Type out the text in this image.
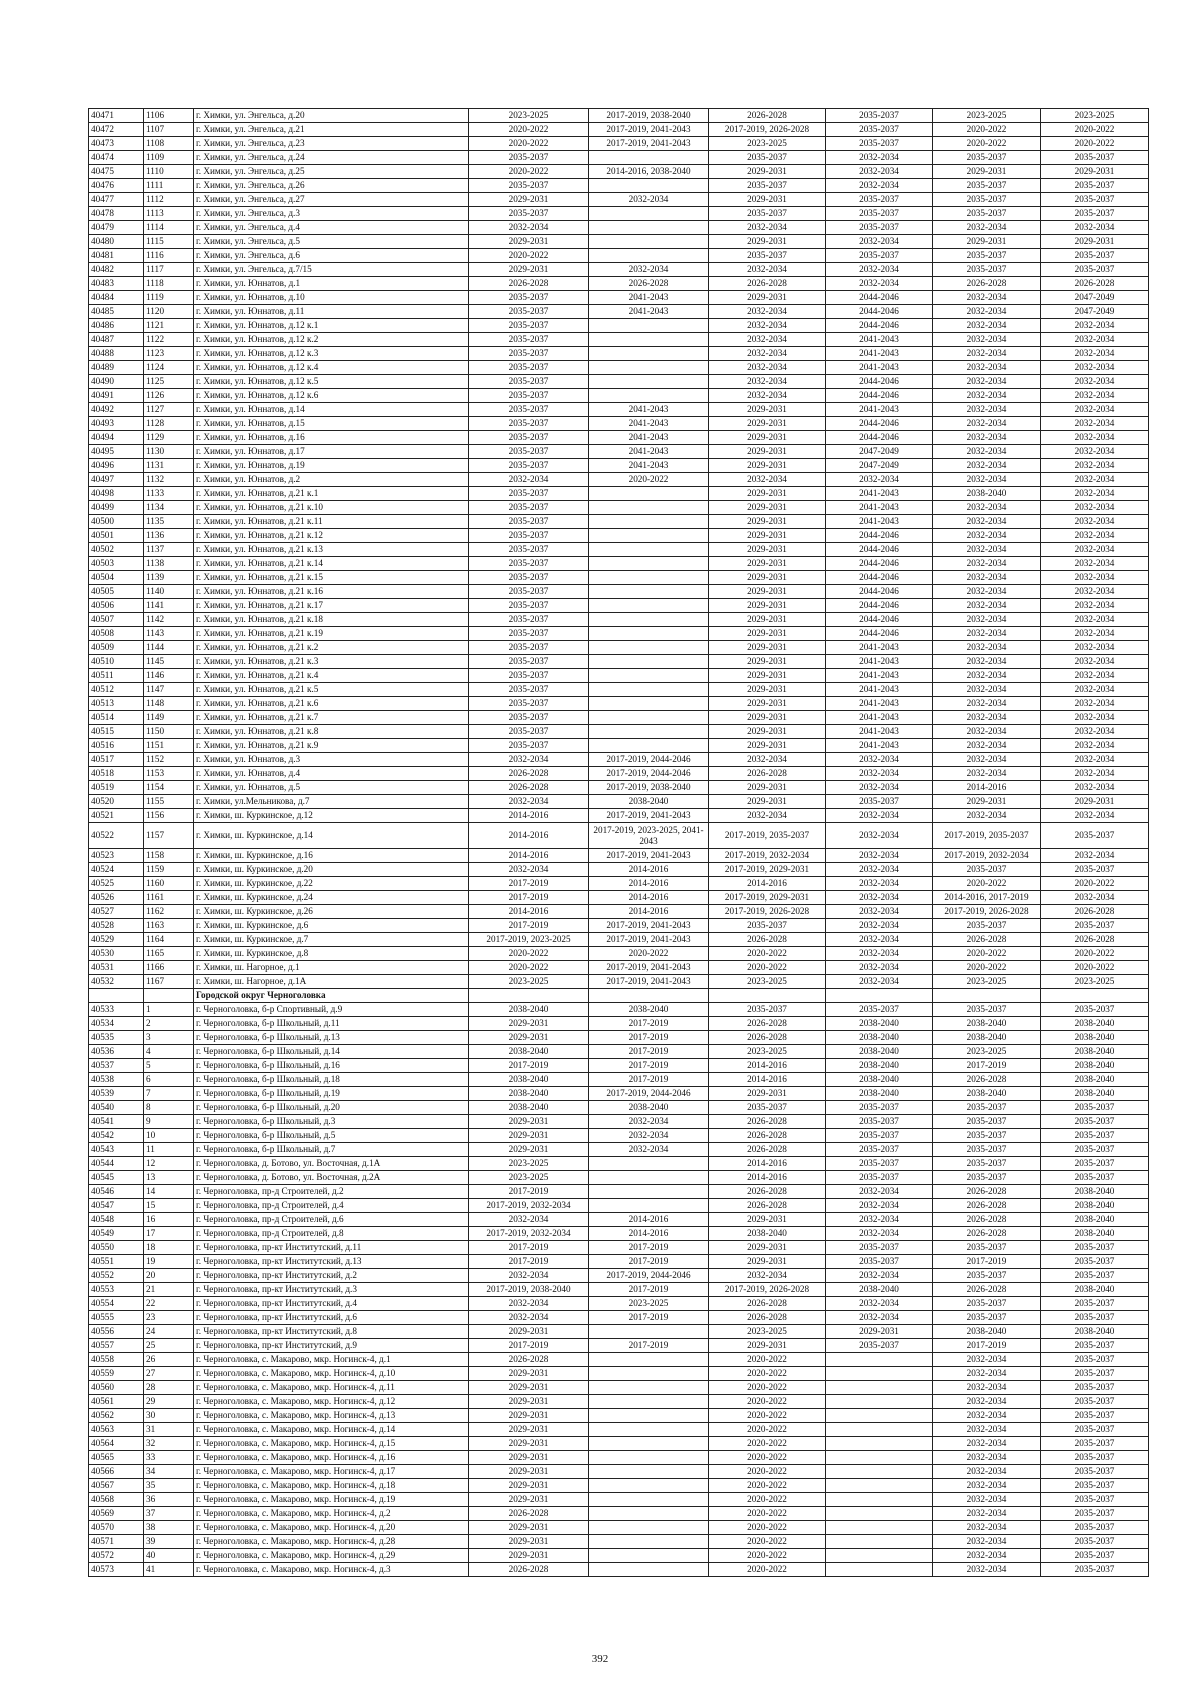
40471	1106	г. Химки, ул. Энгельса, д.20	2023-2025	2017-2019, 2038-2040	2026-2028	2035-2037	2023-2025	2023-2025
40472	1107	г. Химки, ул. Энгельса, д.21	2020-2022	2017-2019, 2041-2043	2017-2019, 2026-2028	2035-2037	2020-2022	2020-2022
40473	1108	г. Химки, ул. Энгельса, д.23	2020-2022	2017-2019, 2041-2043	2023-2025	2035-2037	2020-2022	2020-2022
40474	1109	г. Химки, ул. Энгельса, д.24	2035-2037		2035-2037	2032-2034	2035-2037	2035-2037
40475	1110	г. Химки, ул. Энгельса, д.25	2020-2022	2014-2016, 2038-2040	2029-2031	2032-2034	2029-2031	2029-2031
40476	1111	г. Химки, ул. Энгельса, д.26	2035-2037		2035-2037	2032-2034	2035-2037	2035-2037
40477	1112	г. Химки, ул. Энгельса, д.27	2029-2031	2032-2034	2029-2031	2035-2037	2035-2037	2035-2037
40478	1113	г. Химки, ул. Энгельса, д.3	2035-2037		2035-2037	2035-2037	2035-2037	2035-2037
40479	1114	г. Химки, ул. Энгельса, д.4	2032-2034		2032-2034	2035-2037	2032-2034	2032-2034
40480	1115	г. Химки, ул. Энгельса, д.5	2029-2031		2029-2031	2032-2034	2029-2031	2029-2031
40481	1116	г. Химки, ул. Энгельса, д.6	2020-2022		2035-2037	2035-2037	2035-2037	2035-2037
40482	1117	г. Химки, ул. Энгельса, д.7/15	2029-2031	2032-2034	2032-2034	2032-2034	2035-2037	2035-2037
40483	1118	г. Химки, ул. Юннатов, д.1	2026-2028	2026-2028	2026-2028	2032-2034	2026-2028	2026-2028
40484	1119	г. Химки, ул. Юннатов, д.10	2035-2037	2041-2043	2029-2031	2044-2046	2032-2034	2047-2049
40485	1120	г. Химки, ул. Юннатов, д.11	2035-2037	2041-2043	2032-2034	2044-2046	2032-2034	2047-2049
40486	1121	г. Химки, ул. Юннатов, д.12 к.1	2035-2037		2032-2034	2044-2046	2032-2034	2032-2034
40487	1122	г. Химки, ул. Юннатов, д.12 к.2	2035-2037		2032-2034	2041-2043	2032-2034	2032-2034
40488	1123	г. Химки, ул. Юннатов, д.12 к.3	2035-2037		2032-2034	2041-2043	2032-2034	2032-2034
40489	1124	г. Химки, ул. Юннатов, д.12 к.4	2035-2037		2032-2034	2041-2043	2032-2034	2032-2034
40490	1125	г. Химки, ул. Юннатов, д.12 к.5	2035-2037		2032-2034	2044-2046	2032-2034	2032-2034
40491	1126	г. Химки, ул. Юннатов, д.12 к.6	2035-2037		2032-2034	2044-2046	2032-2034	2032-2034
40492	1127	г. Химки, ул. Юннатов, д.14	2035-2037	2041-2043	2029-2031	2041-2043	2032-2034	2032-2034
40493	1128	г. Химки, ул. Юннатов, д.15	2035-2037	2041-2043	2029-2031	2044-2046	2032-2034	2032-2034
40494	1129	г. Химки, ул. Юннатов, д.16	2035-2037	2041-2043	2029-2031	2044-2046	2032-2034	2032-2034
40495	1130	г. Химки, ул. Юннатов, д.17	2035-2037	2041-2043	2029-2031	2047-2049	2032-2034	2032-2034
40496	1131	г. Химки, ул. Юннатов, д.19	2035-2037	2041-2043	2029-2031	2047-2049	2032-2034	2032-2034
40497	1132	г. Химки, ул. Юннатов, д.2	2032-2034	2020-2022	2032-2034	2032-2034	2032-2034	2032-2034
40498	1133	г. Химки, ул. Юннатов, д.21 к.1	2035-2037		2029-2031	2041-2043	2038-2040	2032-2034
40499	1134	г. Химки, ул. Юннатов, д.21 к.10	2035-2037		2029-2031	2041-2043	2032-2034	2032-2034
40500	1135	г. Химки, ул. Юннатов, д.21 к.11	2035-2037		2029-2031	2041-2043	2032-2034	2032-2034
40501	1136	г. Химки, ул. Юннатов, д.21 к.12	2035-2037		2029-2031	2044-2046	2032-2034	2032-2034
40502	1137	г. Химки, ул. Юннатов, д.21 к.13	2035-2037		2029-2031	2044-2046	2032-2034	2032-2034
40503	1138	г. Химки, ул. Юннатов, д.21 к.14	2035-2037		2029-2031	2044-2046	2032-2034	2032-2034
40504	1139	г. Химки, ул. Юннатов, д.21 к.15	2035-2037		2029-2031	2044-2046	2032-2034	2032-2034
40505	1140	г. Химки, ул. Юннатов, д.21 к.16	2035-2037		2029-2031	2044-2046	2032-2034	2032-2034
40506	1141	г. Химки, ул. Юннатов, д.21 к.17	2035-2037		2029-2031	2044-2046	2032-2034	2032-2034
40507	1142	г. Химки, ул. Юннатов, д.21 к.18	2035-2037		2029-2031	2044-2046	2032-2034	2032-2034
40508	1143	г. Химки, ул. Юннатов, д.21 к.19	2035-2037		2029-2031	2044-2046	2032-2034	2032-2034
40509	1144	г. Химки, ул. Юннатов, д.21 к.2	2035-2037		2029-2031	2041-2043	2032-2034	2032-2034
40510	1145	г. Химки, ул. Юннатов, д.21 к.3	2035-2037		2029-2031	2041-2043	2032-2034	2032-2034
40511	1146	г. Химки, ул. Юннатов, д.21 к.4	2035-2037		2029-2031	2041-2043	2032-2034	2032-2034
40512	1147	г. Химки, ул. Юннатов, д.21 к.5	2035-2037		2029-2031	2041-2043	2032-2034	2032-2034
40513	1148	г. Химки, ул. Юннатов, д.21 к.6	2035-2037		2029-2031	2041-2043	2032-2034	2032-2034
40514	1149	г. Химки, ул. Юннатов, д.21 к.7	2035-2037		2029-2031	2041-2043	2032-2034	2032-2034
40515	1150	г. Химки, ул. Юннатов, д.21 к.8	2035-2037		2029-2031	2041-2043	2032-2034	2032-2034
40516	1151	г. Химки, ул. Юннатов, д.21 к.9	2035-2037		2029-2031	2041-2043	2032-2034	2032-2034
40517	1152	г. Химки, ул. Юннатов, д.3	2032-2034	2017-2019, 2044-2046	2032-2034	2032-2034	2032-2034	2032-2034
40518	1153	г. Химки, ул. Юннатов, д.4	2026-2028	2017-2019, 2044-2046	2026-2028	2032-2034	2032-2034	2032-2034
40519	1154	г. Химки, ул. Юннатов, д.5	2026-2028	2017-2019, 2038-2040	2029-2031	2032-2034	2014-2016	2032-2034
40520	1155	г. Химки, ул.Мельникова, д.7	2032-2034	2038-2040	2029-2031	2035-2037	2029-2031	2029-2031
40521	1156	г. Химки, ш. Куркинское, д.12	2014-2016	2017-2019, 2041-2043	2032-2034	2032-2034	2032-2034	2032-2034
40522	1157	г. Химки, ш. Куркинское, д.14	2014-2016	2017-2019, 2023-2025, 2041-2043	2017-2019, 2035-2037	2032-2034	2017-2019, 2035-2037	2035-2037
40523	1158	г. Химки, ш. Куркинское, д.16	2014-2016	2017-2019, 2041-2043	2017-2019, 2032-2034	2032-2034	2017-2019, 2032-2034	2032-2034
40524	1159	г. Химки, ш. Куркинское, д.20	2032-2034	2014-2016	2017-2019, 2029-2031	2032-2034	2035-2037	2035-2037
40525	1160	г. Химки, ш. Куркинское, д.22	2017-2019	2014-2016	2014-2016	2032-2034	2020-2022	2020-2022
40526	1161	г. Химки, ш. Куркинское, д.24	2017-2019	2014-2016	2017-2019, 2029-2031	2032-2034	2014-2016, 2017-2019	2032-2034
40527	1162	г. Химки, ш. Куркинское, д.26	2014-2016	2014-2016	2017-2019, 2026-2028	2032-2034	2017-2019, 2026-2028	2026-2028
40528	1163	г. Химки, ш. Куркинское, д.6	2017-2019	2017-2019, 2041-2043	2035-2037	2032-2034	2035-2037	2035-2037
40529	1164	г. Химки, ш. Куркинское, д.7	2017-2019, 2023-2025	2017-2019, 2041-2043	2026-2028	2032-2034	2026-2028	2026-2028
40530	1165	г. Химки, ш. Куркинское, д.8	2020-2022	2020-2022	2020-2022	2032-2034	2020-2022	2020-2022
40531	1166	г. Химки, ш. Нагорное, д.1	2020-2022	2017-2019, 2041-2043	2020-2022	2032-2034	2020-2022	2020-2022
40532	1167	г. Химки, ш. Нагорное, д.1А	2023-2025	2017-2019, 2041-2043	2023-2025	2032-2034	2023-2025	2023-2025
		Городской округ Черноголовка						
40533	1	г. Черноголовка, б-р Спортивный, д.9	2038-2040	2038-2040	2035-2037	2035-2037	2035-2037	2035-2037
40534	2	г. Черноголовка, б-р Школьный, д.11	2029-2031	2017-2019	2026-2028	2038-2040	2038-2040	2038-2040
40535	3	г. Черноголовка, б-р Школьный, д.13	2029-2031	2017-2019	2026-2028	2038-2040	2038-2040	2038-2040
40536	4	г. Черноголовка, б-р Школьный, д.14	2038-2040	2017-2019	2023-2025	2038-2040	2023-2025	2038-2040
40537	5	г. Черноголовка, б-р Школьный, д.16	2017-2019	2017-2019	2014-2016	2038-2040	2017-2019	2038-2040
40538	6	г. Черноголовка, б-р Школьный, д.18	2038-2040	2017-2019	2014-2016	2038-2040	2026-2028	2038-2040
40539	7	г. Черноголовка, б-р Школьный, д.19	2038-2040	2017-2019, 2044-2046	2029-2031	2038-2040	2038-2040	2038-2040
40540	8	г. Черноголовка, б-р Школьный, д.20	2038-2040	2038-2040	2035-2037	2035-2037	2035-2037	2035-2037
40541	9	г. Черноголовка, б-р Школьный, д.3	2029-2031	2032-2034	2026-2028	2035-2037	2035-2037	2035-2037
40542	10	г. Черноголовка, б-р Школьный, д.5	2029-2031	2032-2034	2026-2028	2035-2037	2035-2037	2035-2037
40543	11	г. Черноголовка, б-р Школьный, д.7	2029-2031	2032-2034	2026-2028	2035-2037	2035-2037	2035-2037
40544	12	г. Черноголовка, д. Ботово, ул. Восточная, д.1А	2023-2025		2014-2016	2035-2037	2035-2037	2035-2037
40545	13	г. Черноголовка, д. Ботово, ул. Восточная, д.2А	2023-2025		2014-2016	2035-2037	2035-2037	2035-2037
40546	14	г. Черноголовка, пр-д Строителей, д.2	2017-2019		2026-2028	2032-2034	2026-2028	2038-2040
40547	15	г. Черноголовка, пр-д Строителей, д.4	2017-2019, 2032-2034		2026-2028	2032-2034	2026-2028	2038-2040
40548	16	г. Черноголовка, пр-д Строителей, д.6	2032-2034	2014-2016	2029-2031	2032-2034	2026-2028	2038-2040
40549	17	г. Черноголовка, пр-д Строителей, д.8	2017-2019, 2032-2034	2014-2016	2038-2040	2032-2034	2026-2028	2038-2040
40550	18	г. Черноголовка, пр-кт Институтский, д.11	2017-2019	2017-2019	2029-2031	2035-2037	2035-2037	2035-2037
40551	19	г. Черноголовка, пр-кт Институтский, д.13	2017-2019	2017-2019	2029-2031	2035-2037	2017-2019	2035-2037
40552	20	г. Черноголовка, пр-кт Институтский, д.2	2032-2034	2017-2019, 2044-2046	2032-2034	2032-2034	2035-2037	2035-2037
40553	21	г. Черноголовка, пр-кт Институтский, д.3	2017-2019, 2038-2040	2017-2019	2017-2019, 2026-2028	2038-2040	2026-2028	2038-2040
40554	22	г. Черноголовка, пр-кт Институтский, д.4	2032-2034	2023-2025	2026-2028	2032-2034	2035-2037	2035-2037
40555	23	г. Черноголовка, пр-кт Институтский, д.6	2032-2034	2017-2019	2026-2028	2032-2034	2035-2037	2035-2037
40556	24	г. Черноголовка, пр-кт Институтский, д.8	2029-2031		2023-2025	2029-2031	2038-2040	2038-2040
40557	25	г. Черноголовка, пр-кт Институтский, д.9	2017-2019	2017-2019	2029-2031	2035-2037	2017-2019	2035-2037
40558	26	г. Черноголовка, с. Макарово, мкр. Ногинск-4, д.1	2026-2028		2020-2022		2032-2034	2035-2037
40559	27	г. Черноголовка, с. Макарово, мкр. Ногинск-4, д.10	2029-2031		2020-2022		2032-2034	2035-2037
40560	28	г. Черноголовка, с. Макарово, мкр. Ногинск-4, д.11	2029-2031		2020-2022		2032-2034	2035-2037
40561	29	г. Черноголовка, с. Макарово, мкр. Ногинск-4, д.12	2029-2031		2020-2022		2032-2034	2035-2037
40562	30	г. Черноголовка, с. Макарово, мкр. Ногинск-4, д.13	2029-2031		2020-2022		2032-2034	2035-2037
40563	31	г. Черноголовка, с. Макарово, мкр. Ногинск-4, д.14	2029-2031		2020-2022		2032-2034	2035-2037
40564	32	г. Черноголовка, с. Макарово, мкр. Ногинск-4, д.15	2029-2031		2020-2022		2032-2034	2035-2037
40565	33	г. Черноголовка, с. Макарово, мкр. Ногинск-4, д.16	2029-2031		2020-2022		2032-2034	2035-2037
40566	34	г. Черноголовка, с. Макарово, мкр. Ногинск-4, д.17	2029-2031		2020-2022		2032-2034	2035-2037
40567	35	г. Черноголовка, с. Макарово, мкр. Ногинск-4, д.18	2029-2031		2020-2022		2032-2034	2035-2037
40568	36	г. Черноголовка, с. Макарово, мкр. Ногинск-4, д.19	2029-2031		2020-2022		2032-2034	2035-2037
40569	37	г. Черноголовка, с. Макарово, мкр. Ногинск-4, д.2	2026-2028		2020-2022		2032-2034	2035-2037
40570	38	г. Черноголовка, с. Макарово, мкр. Ногинск-4, д.20	2029-2031		2020-2022		2032-2034	2035-2037
40571	39	г. Черноголовка, с. Макарово, мкр. Ногинск-4, д.28	2029-2031		2020-2022		2032-2034	2035-2037
40572	40	г. Черноголовка, с. Макарово, мкр. Ногинск-4, д.29	2029-2031		2020-2022		2032-2034	2035-2037
40573	41	г. Черноголовка, с. Макарово, мкр. Ногинск-4, д.3	2026-2028		2020-2022		2032-2034	2035-2037
392
